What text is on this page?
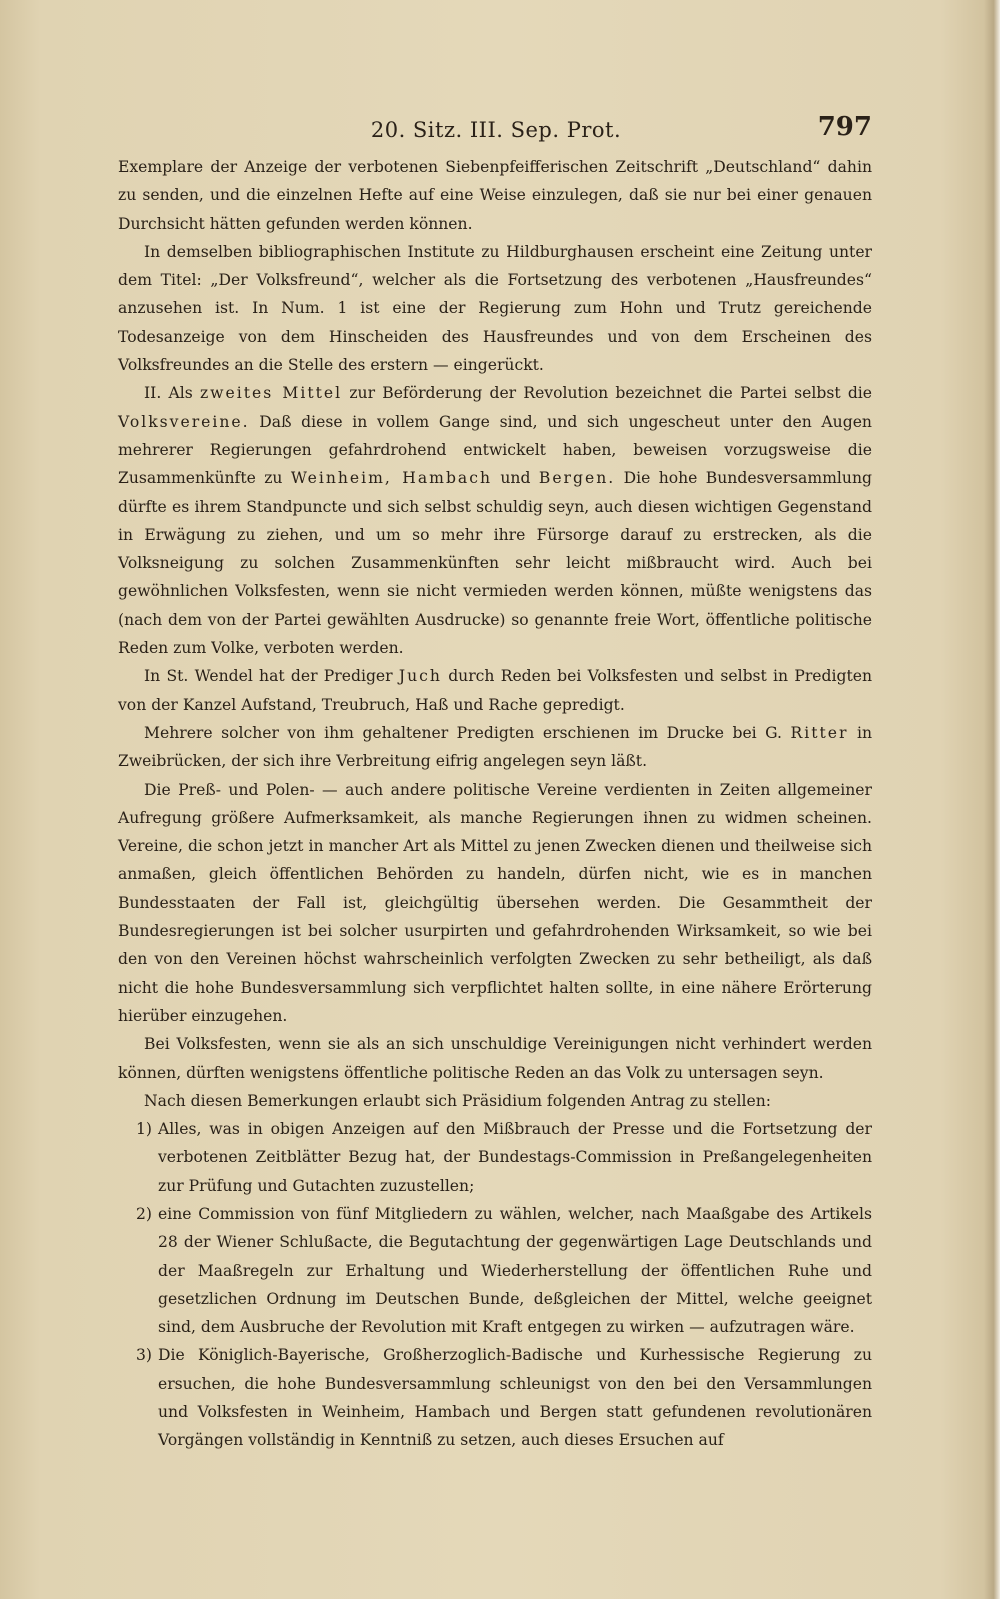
20. Sitz. III. Sep. Prot.	797

Exemplare der Anzeige der verbotenen Siebenpfeifferischen Zeitschrift „Deutschland“ dahin zu senden, und die einzelnen Hefte auf eine Weise einzulegen, daß sie nur bei einer genauen Durchsicht hätten gefunden werden können.

In demselben bibliographischen Institute zu Hildburghausen erscheint eine Zeitung unter dem Titel: „Der Volksfreund“, welcher als die Fortsetzung des verbotenen „Hausfreundes“ anzusehen ist. In Num. 1 ist eine der Regierung zum Hohn und Trutz gereichende Todesanzeige von dem Hinscheiden des Hausfreundes und von dem Erscheinen des Volksfreundes an die Stelle des erstern — eingerückt.

II. Als zweites Mittel zur Beförderung der Revolution bezeichnet die Partei selbst die Volksvereine. Daß diese in vollem Gange sind, und sich ungescheut unter den Augen mehrerer Regierungen gefahrdrohend entwickelt haben, beweisen vorzugsweise die Zusammenkünfte zu Weinheim, Hambach und Bergen. Die hohe Bundesversammlung dürfte es ihrem Standpuncte und sich selbst schuldig seyn, auch diesen wichtigen Gegenstand in Erwägung zu ziehen, und um so mehr ihre Fürsorge darauf zu erstrecken, als die Volksneigung zu solchen Zusammenkünften sehr leicht mißbraucht wird. Auch bei gewöhnlichen Volksfesten, wenn sie nicht vermieden werden können, müßte wenigstens das (nach dem von der Partei gewählten Ausdrucke) so genannte freie Wort, öffentliche politische Reden zum Volke, verboten werden.

In St. Wendel hat der Prediger Juch durch Reden bei Volksfesten und selbst in Predigten von der Kanzel Aufstand, Treubruch, Haß und Rache gepredigt.

Mehrere solcher von ihm gehaltener Predigten erschienen im Drucke bei G. Ritter in Zweibrücken, der sich ihre Verbreitung eifrig angelegen seyn läßt.

Die Preß- und Polen- — auch andere politische Vereine verdienten in Zeiten allgemeiner Aufregung größere Aufmerksamkeit, als manche Regierungen ihnen zu widmen scheinen. Vereine, die schon jetzt in mancher Art als Mittel zu jenen Zwecken dienen und theilweise sich anmaßen, gleich öffentlichen Behörden zu handeln, dürfen nicht, wie es in manchen Bundesstaaten der Fall ist, gleichgültig übersehen werden. Die Gesammtheit der Bundesregierungen ist bei solcher usurpirten und gefahrdrohenden Wirksamkeit, so wie bei den von den Vereinen höchst wahrscheinlich verfolgten Zwecken zu sehr betheiligt, als daß nicht die hohe Bundesversammlung sich verpflichtet halten sollte, in eine nähere Erörterung hierüber einzugehen.

Bei Volksfesten, wenn sie als an sich unschuldige Vereinigungen nicht verhindert werden können, dürften wenigstens öffentliche politische Reden an das Volk zu untersagen seyn.

Nach diesen Bemerkungen erlaubt sich Präsidium folgenden Antrag zu stellen:

1) Alles, was in obigen Anzeigen auf den Mißbrauch der Presse und die Fortsetzung der verbotenen Zeitblätter Bezug hat, der Bundestags-Commission in Preßangelegenheiten zur Prüfung und Gutachten zuzustellen;
2) eine Commission von fünf Mitgliedern zu wählen, welcher, nach Maaßgabe des Artikels 28 der Wiener Schlußacte, die Begutachtung der gegenwärtigen Lage Deutschlands und der Maaßregeln zur Erhaltung und Wiederherstellung der öffentlichen Ruhe und gesetzlichen Ordnung im Deutschen Bunde, deßgleichen der Mittel, welche geeignet sind, dem Ausbruche der Revolution mit Kraft entgegen zu wirken — aufzutragen wäre.
3) Die Königlich-Bayerische, Großherzoglich-Badische und Kurhessische Regierung zu ersuchen, die hohe Bundesversammlung schleunigst von den bei den Versammlungen und Volksfesten in Weinheim, Hambach und Bergen statt gefundenen revolutionären Vorgängen vollständig in Kenntniß zu setzen, auch dieses Ersuchen auf
